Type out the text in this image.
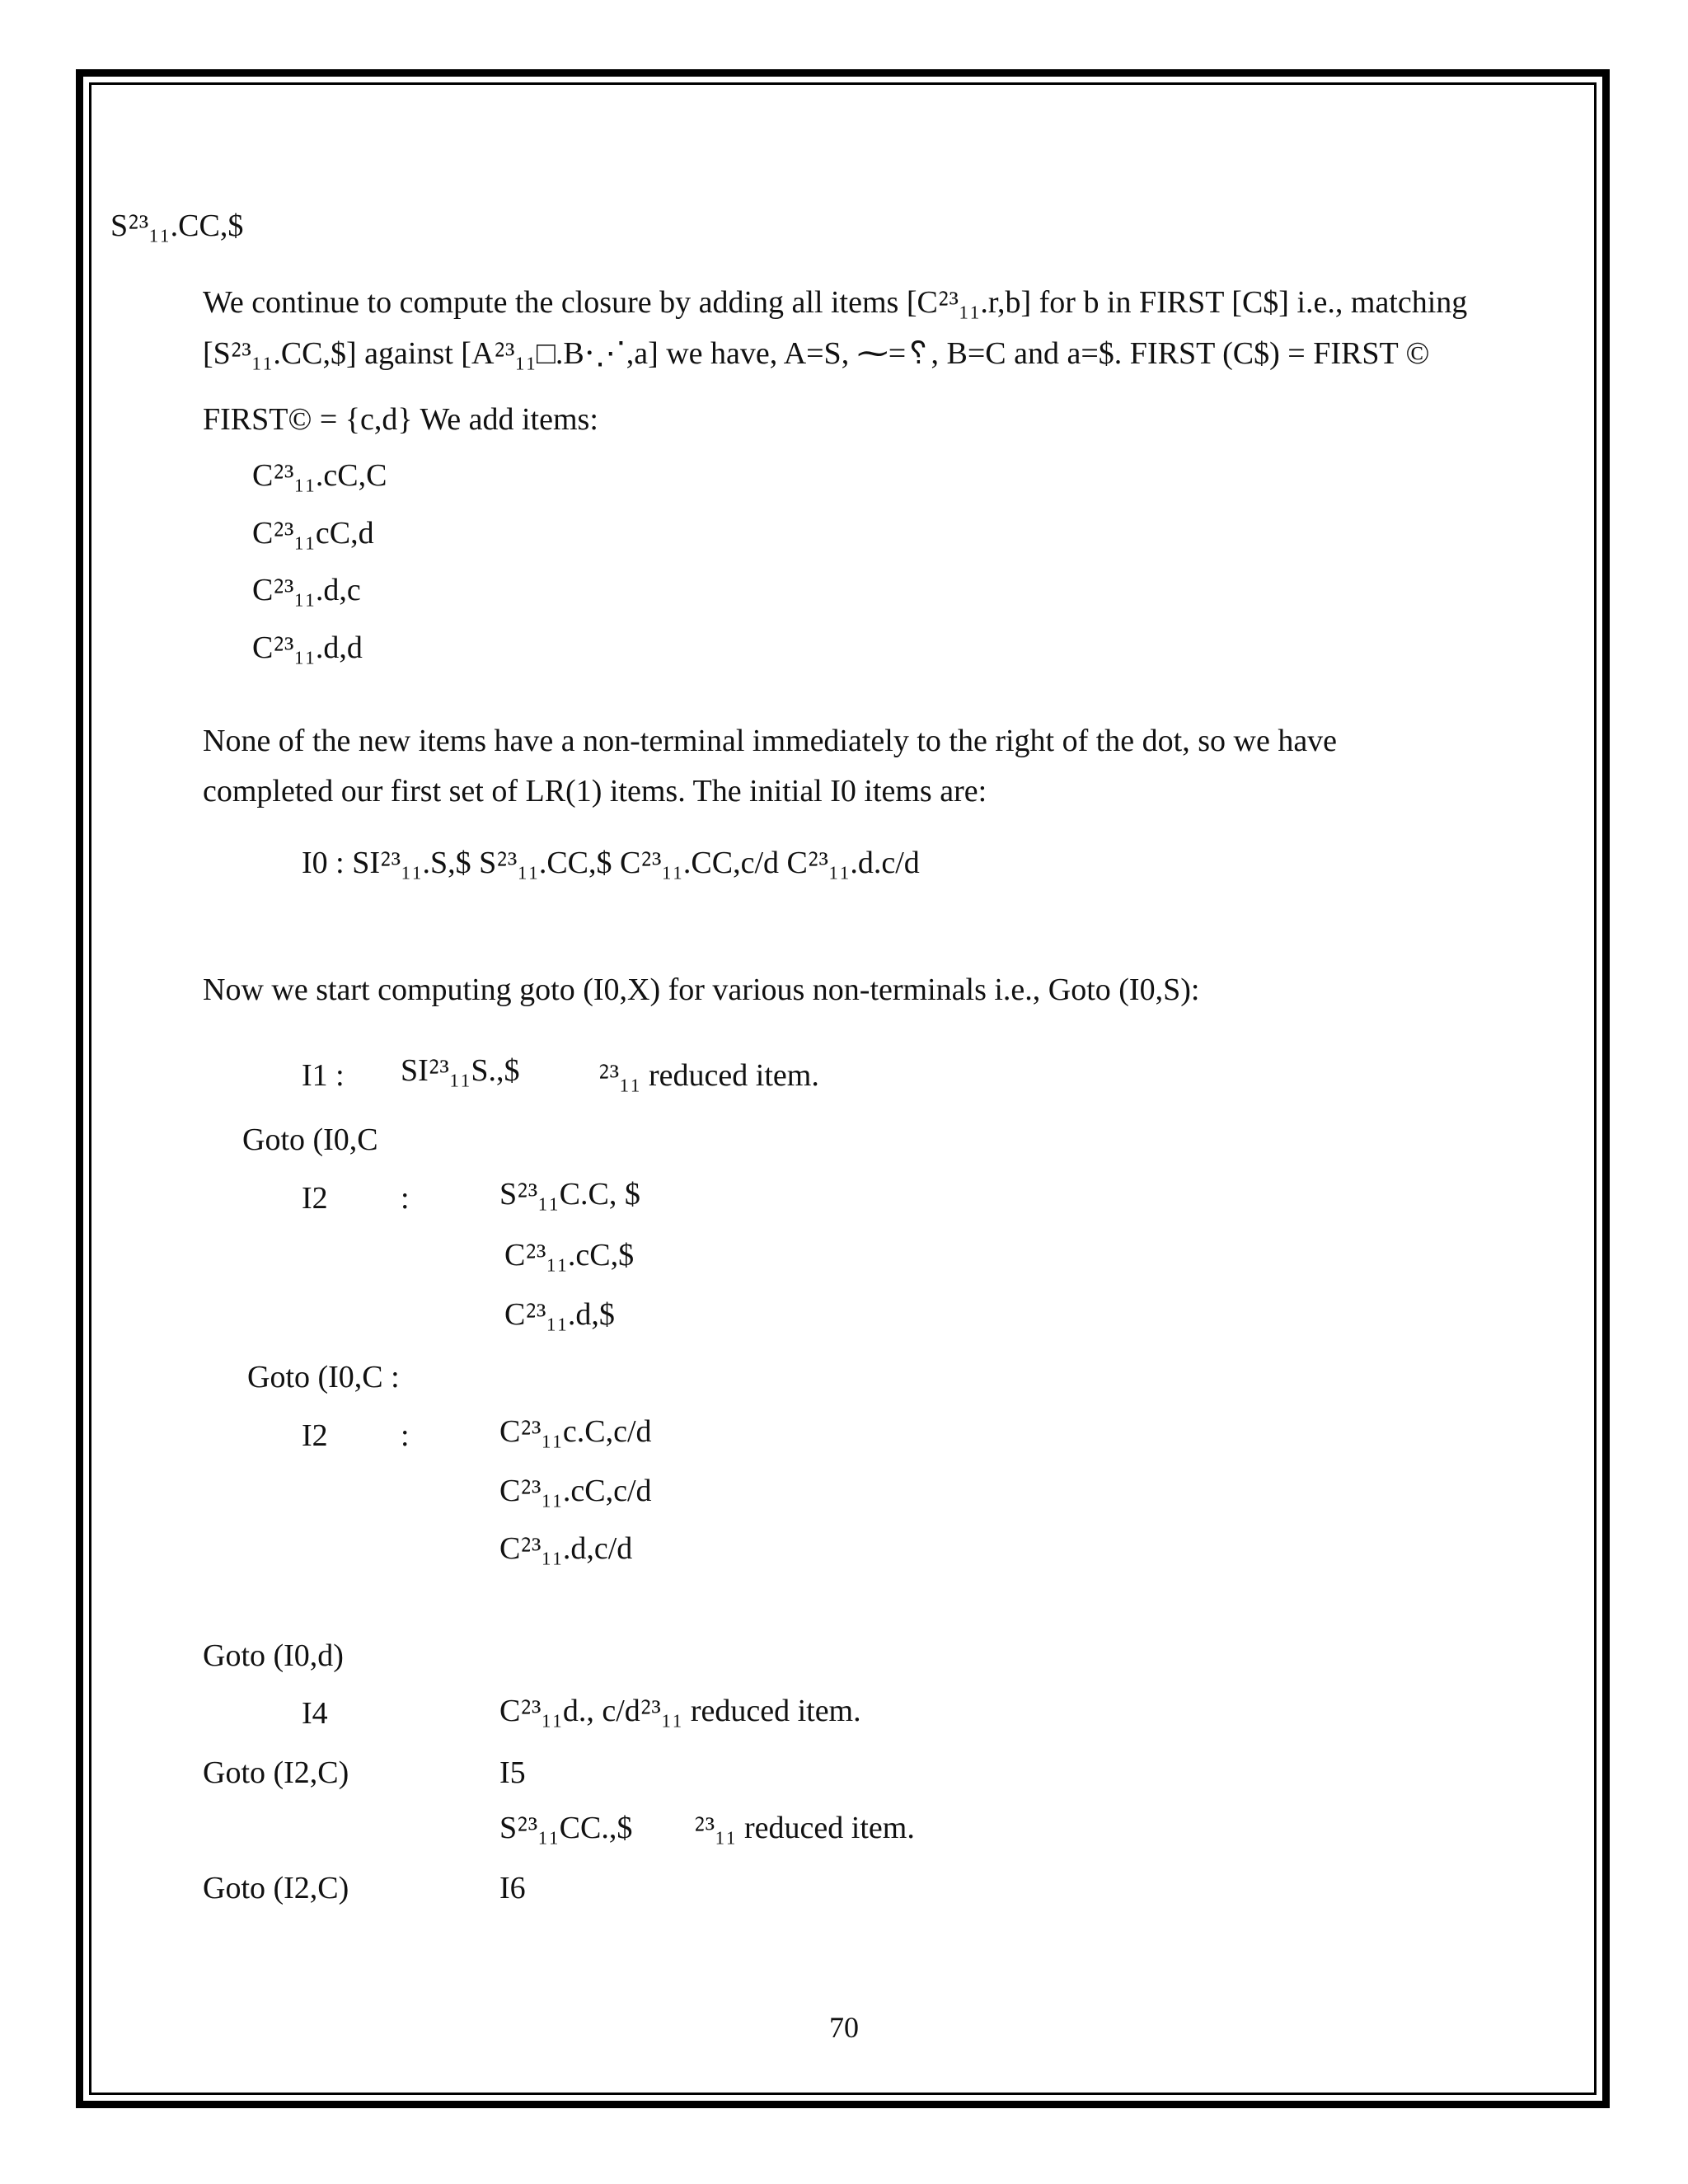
S⁲³₁₁.CC,$
We continue to compute the closure by adding all items [C⁲³₁₁.r,b] for b in FIRST [C$] i.e., matching
[S⁲³₁₁.CC,$] against [A⁲³₁₁□.B⋅⋰,a] we have, A=S, ⁓=␦, B=C and a=$. FIRST (C$) = FIRST ©
FIRST© = {c,d} We add items:
C⁲³₁₁.cC,C
C⁲³₁₁cC,d
C⁲³₁₁.d,c
C⁲³₁₁.d,d
None of the new items have a non-terminal immediately to the right of the dot, so we have
completed our first set of LR(1) items. The initial I0 items are:
I0 : SI⁲³₁₁.S,$ S⁲³₁₁.CC,$ C⁲³₁₁.CC,c/d C⁲³₁₁.d.c/d
Now we start computing goto (I0,X) for various non-terminals i.e., Goto (I0,S):
I1 : SI⁲³₁₁S.,$	⁲³₁₁ reduced item.
Goto (I0,C
I2 :	S⁲³₁₁C.C, $
C⁲³₁₁.cC,$
C⁲³₁₁.d,$
Goto (I0,C :
I2 :	C⁲³₁₁c.C,c/d
C⁲³₁₁.cC,c/d
C⁲³₁₁.d,c/d
Goto (I0,d)
I4	C⁲³₁₁d., c/d⁲³₁₁ reduced item.
Goto (I2,C)	I5
S⁲³₁₁CC.,$ ⁲³₁₁ reduced item.
Goto (I2,C)	I6
70
